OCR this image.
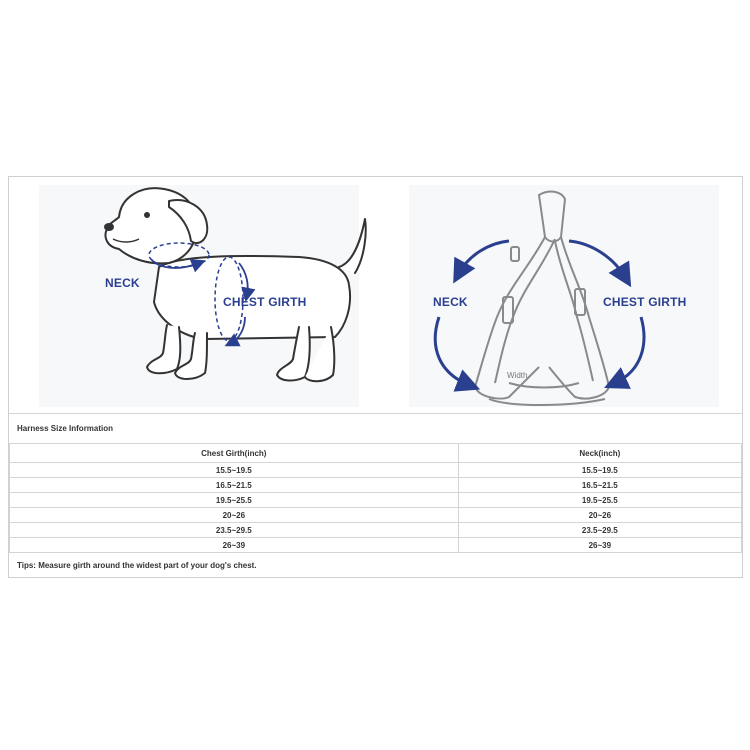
NECK
CHEST GIRTH	NECK	CHEST GIRTH
Width
Harness Size Information
Chest Girth(inch)	Neck(inch)
15.5~19.5	15.5~19.5
16.5~21.5	16.5~21.5
19.5~25.5	19.5~25.5
20~26	20~26
23.5~29.5	23.5~29.5
26~39	26~39
Tips: Measure girth around the widest part of your dog's chest.
